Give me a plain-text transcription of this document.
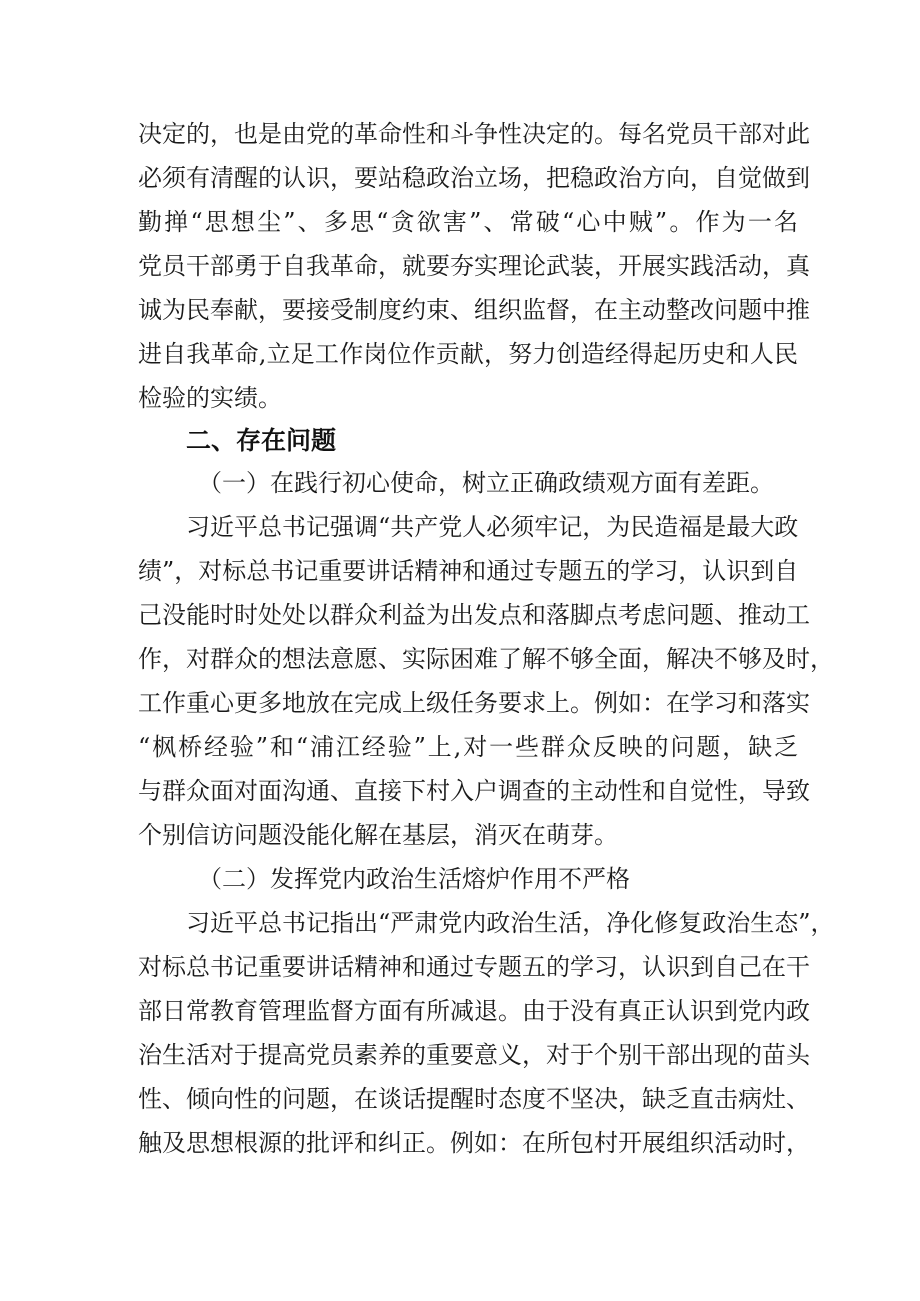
决定的，也是由党的革命性和斗争性决定的。每名党员干部对此

必须有清醒的认识，要站稳政治立场，把稳政治方向，自觉做到

勤掸“思想尘”、多思“贪欲害”、常破“心中贼”。作为一名

党员干部勇于自我革命，就要夯实理论武装，开展实践活动，真

诚为民奉献，要接受制度约束、组织监督，在主动整改问题中推

进自我革命,立足工作岗位作贡献，努力创造经得起历史和人民

检验的实绩。

二、存在问题

（一）在践行初心使命，树立正确政绩观方面有差距。

习近平总书记强调“共产党人必须牢记，为民造福是最大政

绩”，对标总书记重要讲话精神和通过专题五的学习，认识到自

己没能时时处处以群众利益为出发点和落脚点考虑问题、推动工

作，对群众的想法意愿、实际困难了解不够全面，解决不够及时，

工作重心更多地放在完成上级任务要求上。例如：在学习和落实

“枫桥经验”和“浦江经验”上,对一些群众反映的问题，缺乏

与群众面对面沟通、直接下村入户调查的主动性和自觉性，导致

个别信访问题没能化解在基层，消灭在萌芽。

（二）发挥党内政治生活熔炉作用不严格

习近平总书记指出“严肃党内政治生活，净化修复政治生态”，

对标总书记重要讲话精神和通过专题五的学习，认识到自己在干

部日常教育管理监督方面有所减退。由于没有真正认识到党内政

治生活对于提高党员素养的重要意义，对于个别干部出现的苗头

性、倾向性的问题，在谈话提醒时态度不坚决，缺乏直击病灶、

触及思想根源的批评和纠正。例如：在所包村开展组织活动时，
